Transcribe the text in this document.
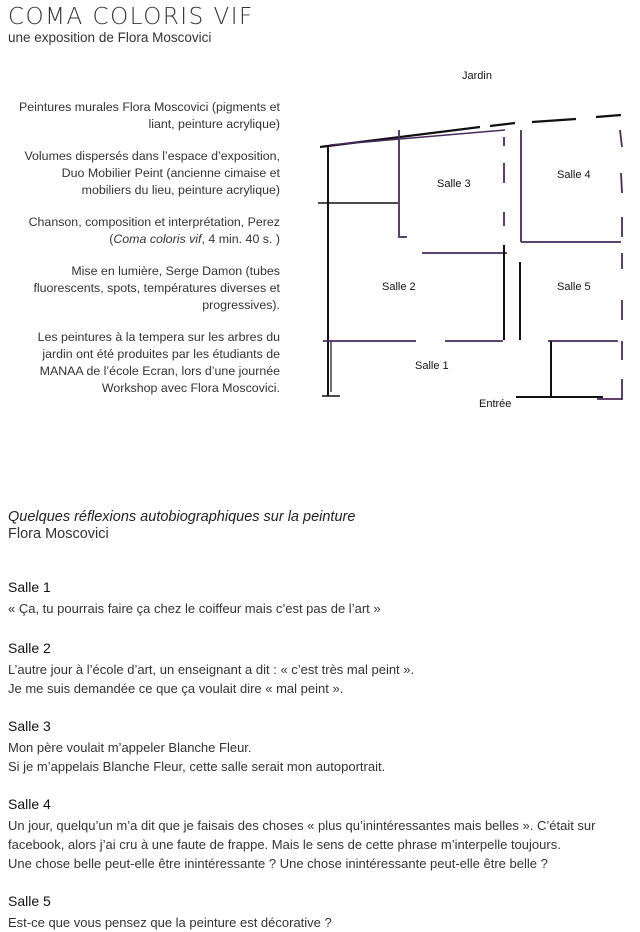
COMA COLORIS VIF
une exposition de Flora Moscovici

Peintures murales Flora Moscovici (pigments et liant, peinture acrylique)

Volumes dispersés dans l’espace d’exposition, Duo Mobilier Peint (ancienne cimaise et mobiliers du lieu, peinture acrylique)

Chanson, composition et interprétation, Perez
(Coma coloris vif, 4 min. 40 s. )

Mise en lumière, Serge Damon (tubes fluorescents, spots, températures diverses et progressives).

Les peintures à la tempera sur les arbres du jardin ont été produites par les étudiants de MANAA de l’école Ecran, lors d’une journée Workshop avec Flora Moscovici.

Jardin
Salle 3
Salle 4
Salle 2	Salle 5
Salle 1
Entrée

Quelques réflexions autobiographiques sur la peinture

Flora Moscovici

Salle 1

« Ça, tu pourrais faire ça chez le coiffeur mais c’est pas de l’art »

Salle 2

L’autre jour à l’école d’art, un enseignant a dit : « c’est très mal peint ».
Je me suis demandée ce que ça voulait dire « mal peint ».

Salle 3

Mon père voulait m’appeler Blanche Fleur.
Si je m’appelais Blanche Fleur, cette salle serait mon autoportrait.

Salle 4

Un jour, quelqu’un m’a dit que je faisais des choses « plus qu’inintéressantes mais belles ». C’était sur facebook, alors j’ai cru à une faute de frappe. Mais le sens de cette phrase m’interpelle toujours.
Une chose belle peut-elle être inintéressante ? Une chose inintéressante peut-elle être belle ?

Salle 5

Est-ce que vous pensez que la peinture est décorative ?
